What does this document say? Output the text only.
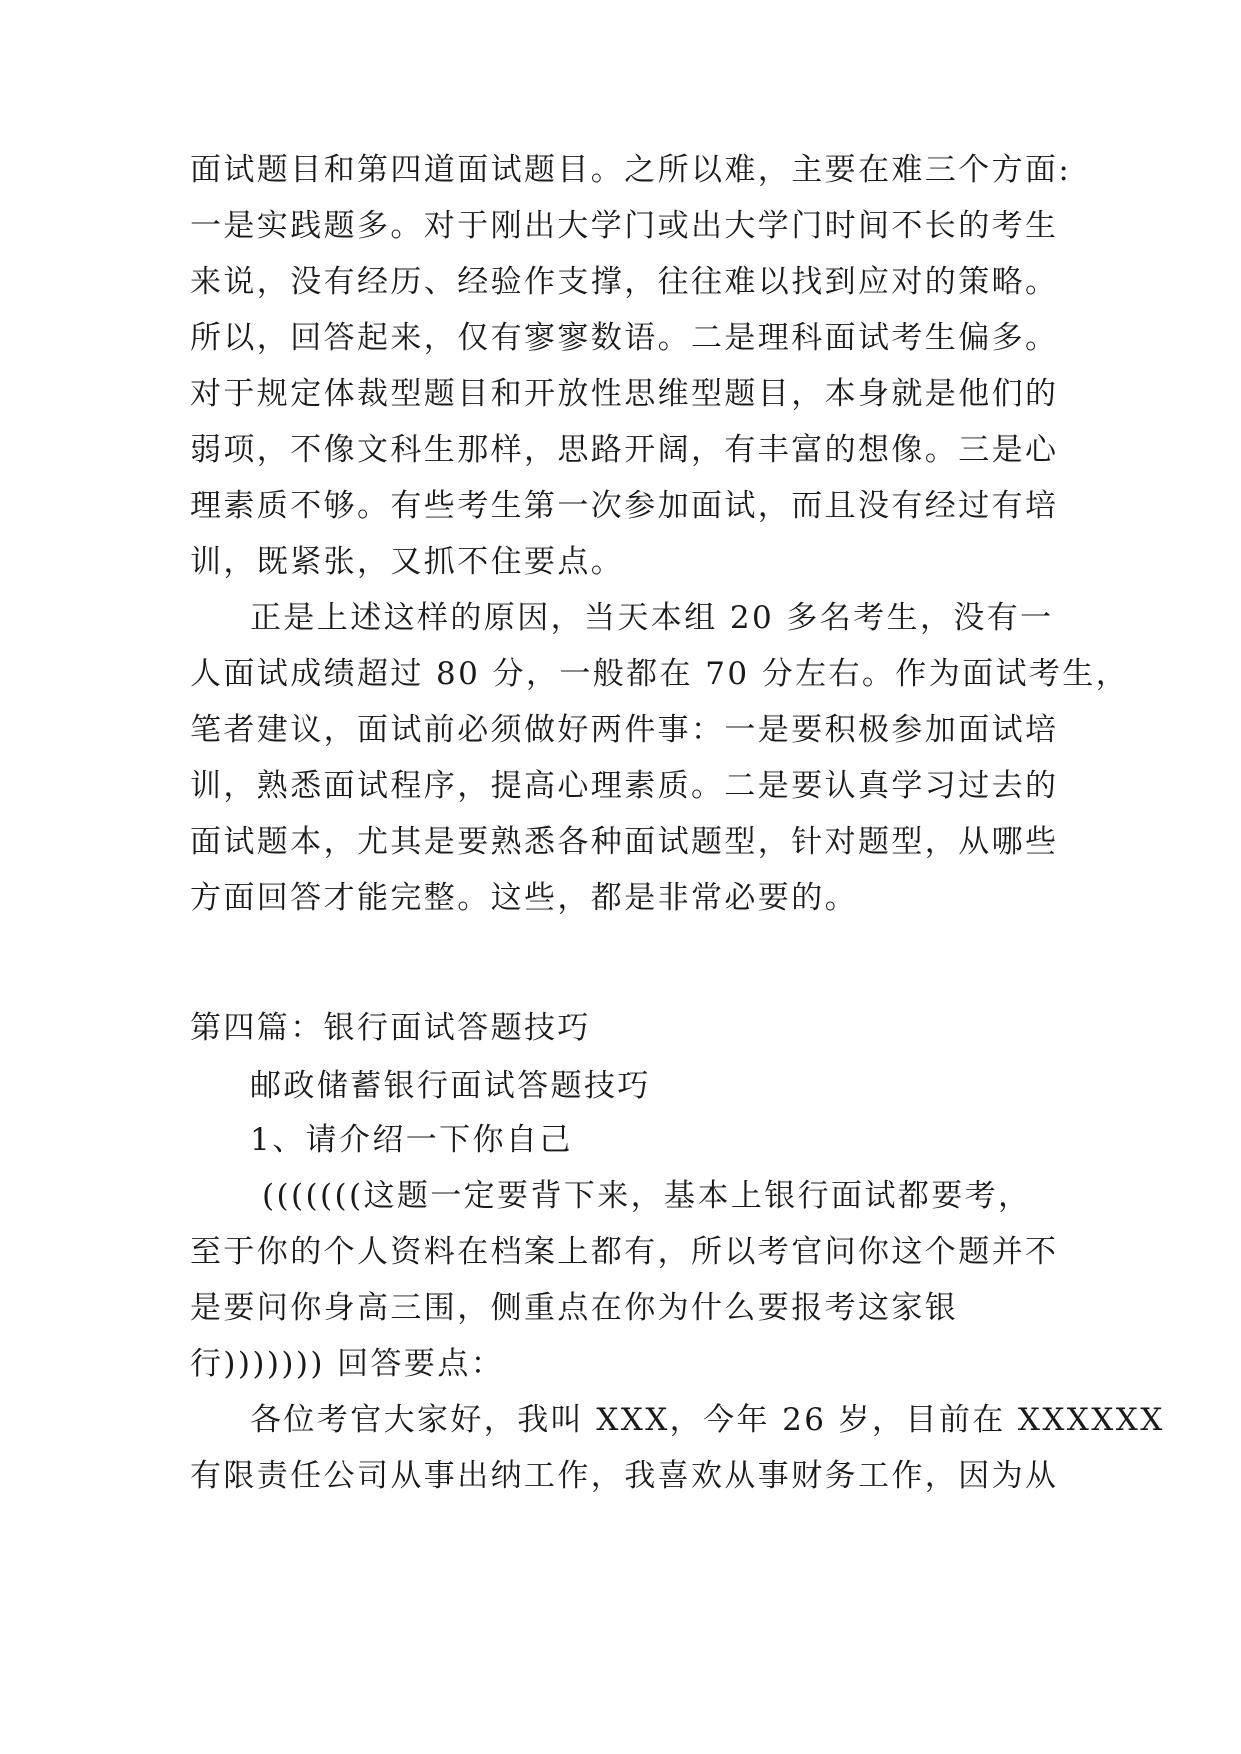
面试题目和第四道面试题目。之所以难，主要在难三个方面:
一是实践题多。对于刚出大学门或出大学门时间不长的考生
来说，没有经历、经验作支撑，往往难以找到应对的策略。
所以，回答起来，仅有寥寥数语。二是理科面试考生偏多。
对于规定体裁型题目和开放性思维型题目，本身就是他们的
弱项，不像文科生那样，思路开阔，有丰富的想像。三是心
理素质不够。有些考生第一次参加面试，而且没有经过有培
训，既紧张，又抓不住要点。
正是上述这样的原因，当天本组 20 多名考生，没有一
人面试成绩超过 80 分，一般都在 70 分左右。作为面试考生，
笔者建议，面试前必须做好两件事：一是要积极参加面试培
训，熟悉面试程序，提高心理素质。二是要认真学习过去的
面试题本，尤其是要熟悉各种面试题型，针对题型，从哪些
方面回答才能完整。这些，都是非常必要的。
第四篇：银行面试答题技巧
邮政储蓄银行面试答题技巧
1、请介绍一下你自己
(((((((这题一定要背下来，基本上银行面试都要考，
至于你的个人资料在档案上都有，所以考官问你这个题并不
是要问你身高三围，侧重点在你为什么要报考这家银
行))))))) 回答要点：
各位考官大家好，我叫 XXX，今年 26 岁，目前在 XXXXXX
有限责任公司从事出纳工作，我喜欢从事财务工作，因为从
